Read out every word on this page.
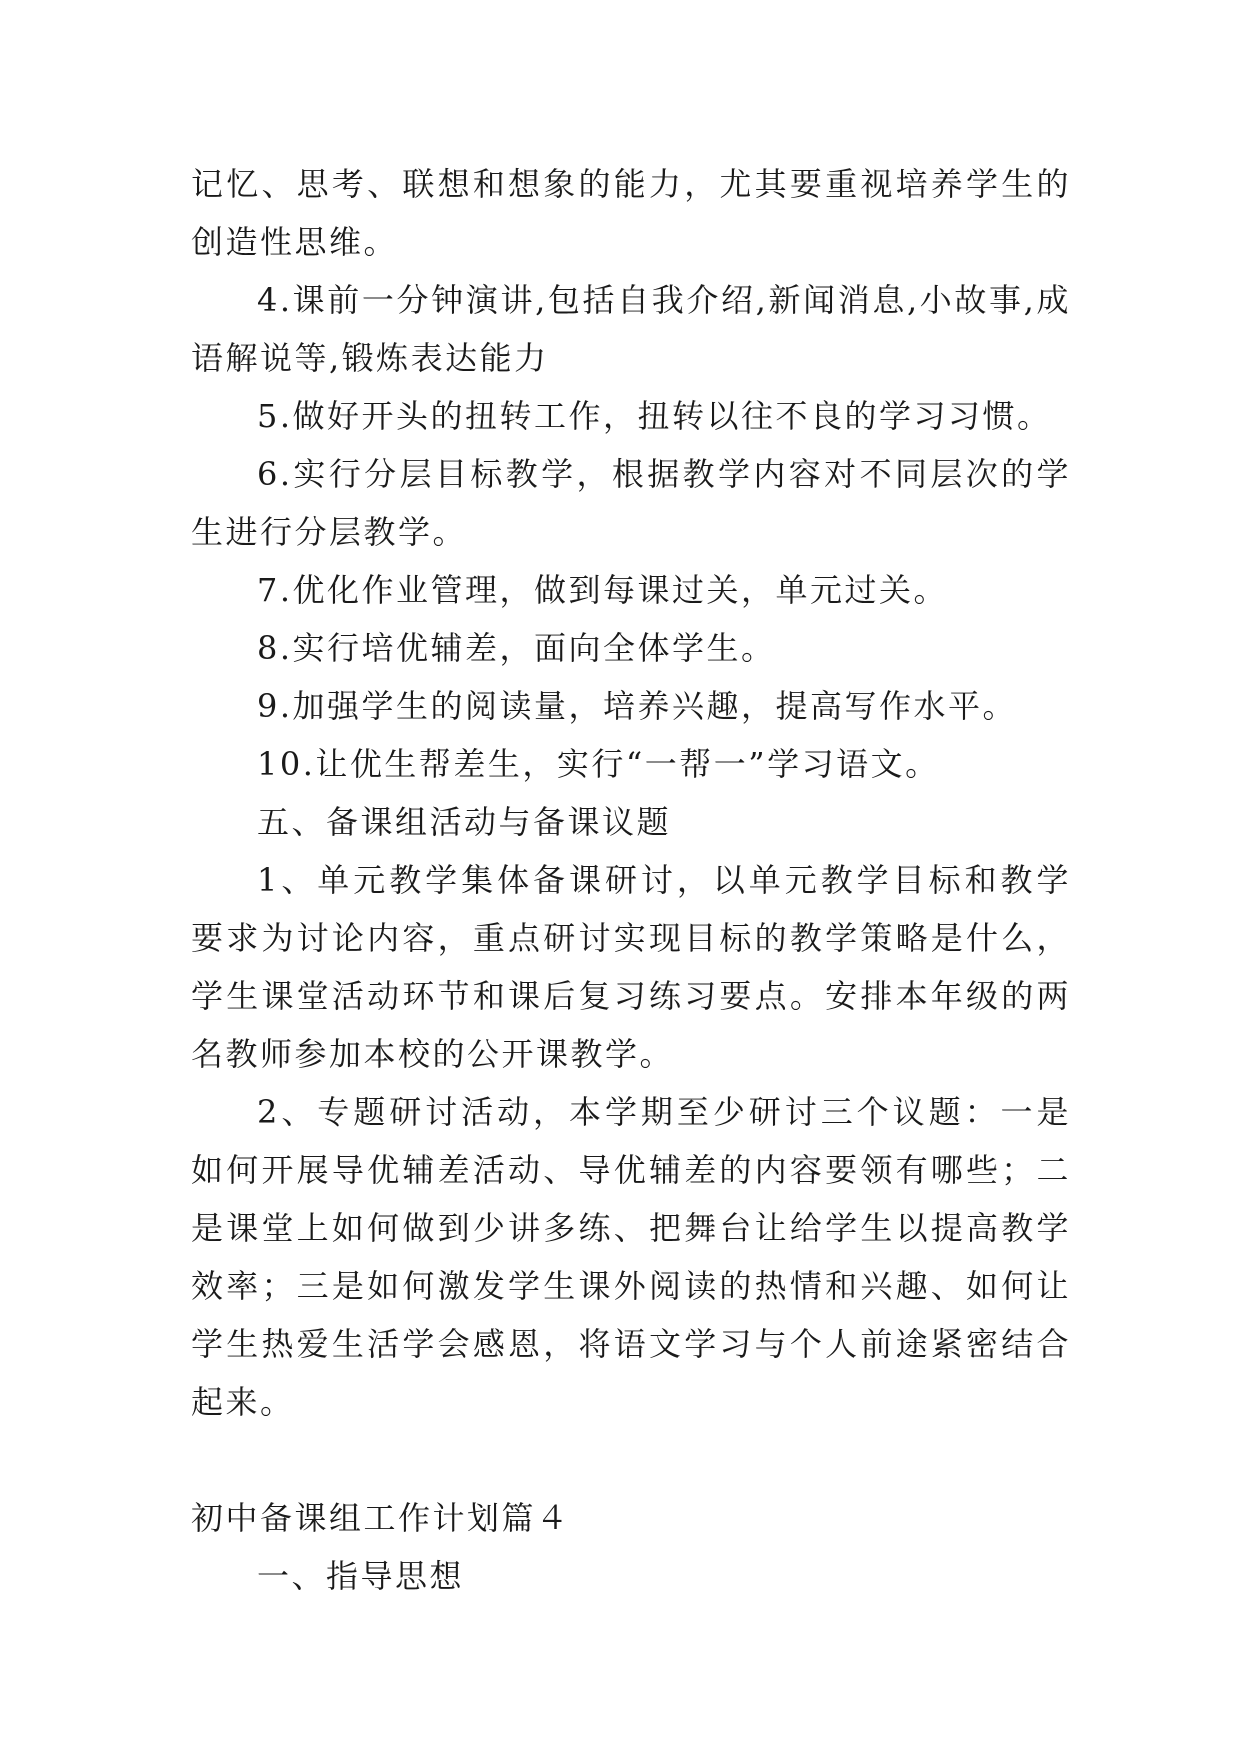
记忆、思考、联想和想象的能力，尤其要重视培养学生的创造性思维。

4.课前一分钟演讲,包括自我介绍,新闻消息,小故事,成语解说等,锻炼表达能力

5.做好开头的扭转工作，扭转以往不良的学习习惯。

6.实行分层目标教学，根据教学内容对不同层次的学生进行分层教学。

7.优化作业管理，做到每课过关，单元过关。

8.实行培优辅差，面向全体学生。

9.加强学生的阅读量，培养兴趣，提高写作水平。

10.让优生帮差生，实行“一帮一”学习语文。

五、备课组活动与备课议题

1、单元教学集体备课研讨，以单元教学目标和教学要求为讨论内容，重点研讨实现目标的教学策略是什么，学生课堂活动环节和课后复习练习要点。安排本年级的两名教师参加本校的公开课教学。

2、专题研讨活动，本学期至少研讨三个议题：一是如何开展导优辅差活动、导优辅差的内容要领有哪些；二是课堂上如何做到少讲多练、把舞台让给学生以提高教学效率；三是如何激发学生课外阅读的热情和兴趣、如何让学生热爱生活学会感恩，将语文学习与个人前途紧密结合起来。

初中备课组工作计划篇４

一、指导思想
